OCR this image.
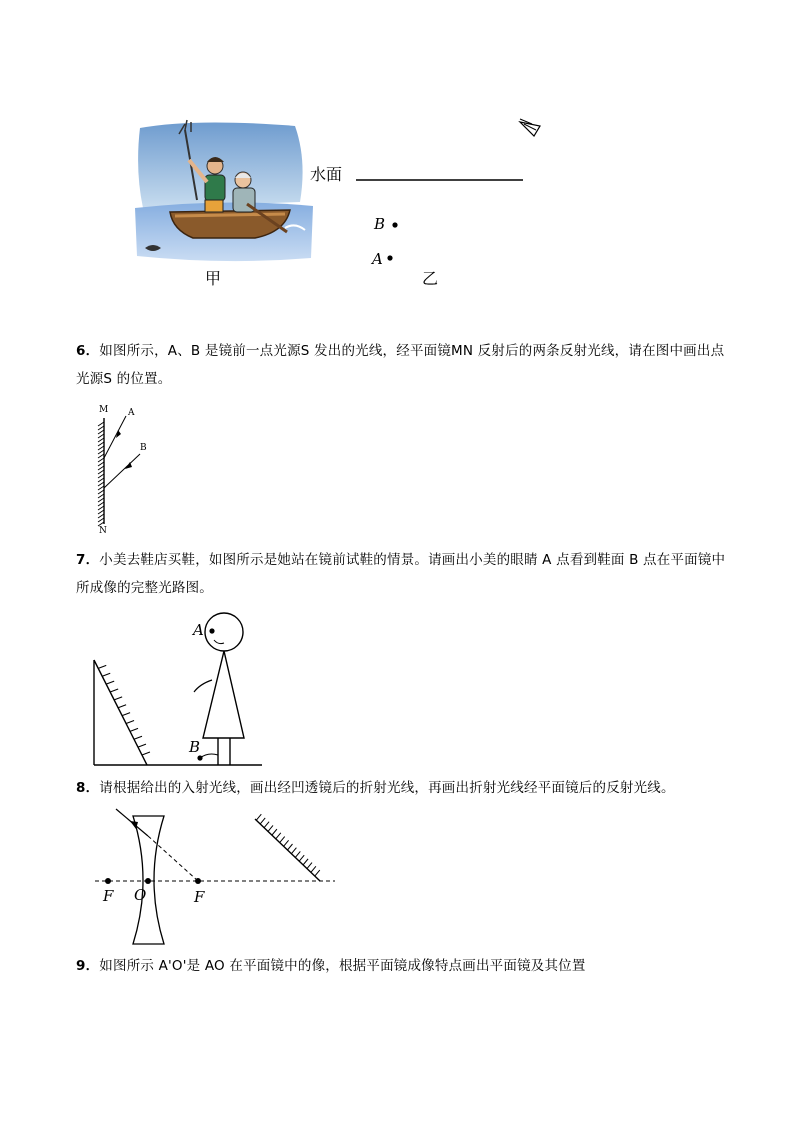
甲
水面
B
A
乙
6．如图所示，A、B 是镜前一点光源S 发出的光线，经平面镜MN 反射后的两条反射光线，请在图中画出点光源S 的位置。
M
N
A
B
7．小美去鞋店买鞋，如图所示是她站在镜前试鞋的情景。请画出小美的眼睛 A 点看到鞋面 B 点在平面镜中所成像的完整光路图。
A
B
8．请根据给出的入射光线，画出经凹透镜后的折射光线，再画出折射光线经平面镜后的反射光线。
F O	F
9．如图所示 A'O'是 AO 在平面镜中的像，根据平面镜成像特点画出平面镜及其位置
